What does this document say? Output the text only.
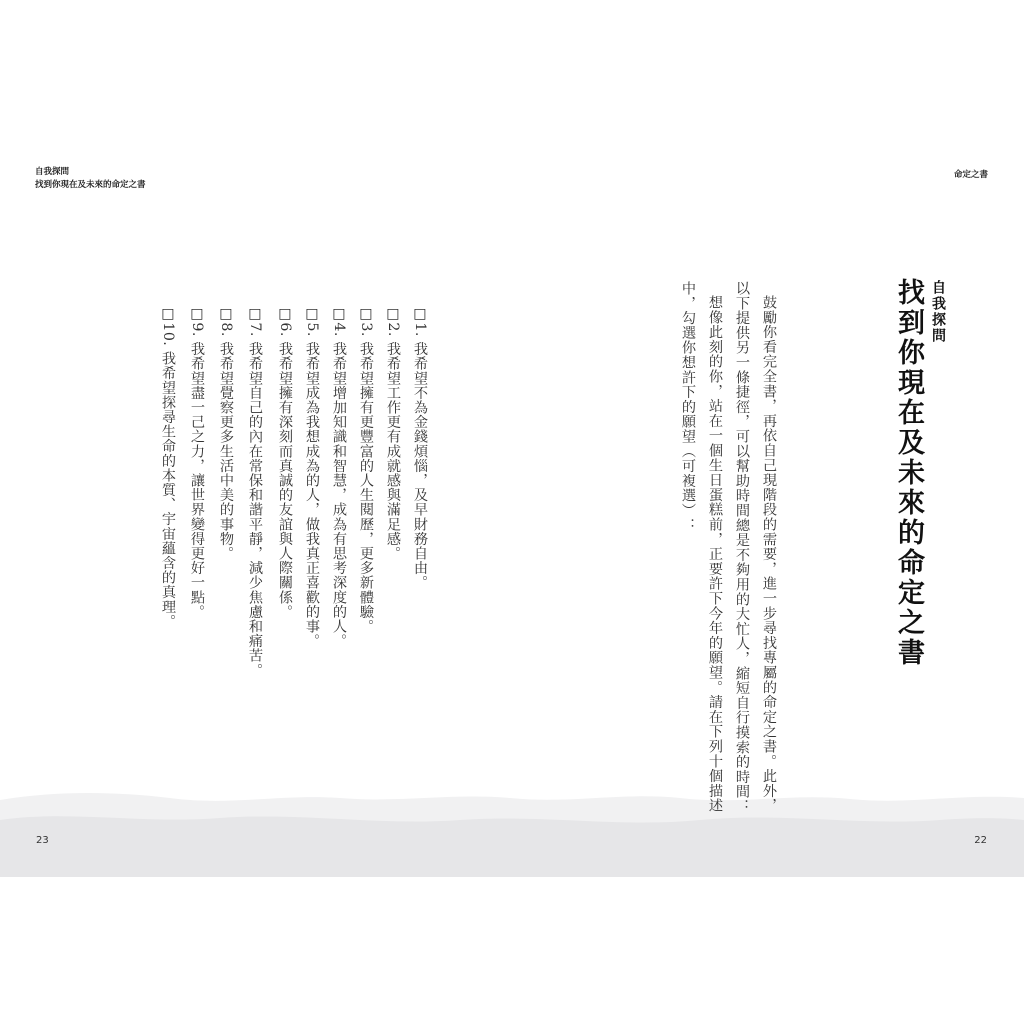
自我探問
找到你現在及未來的命定之書
命定之書
23	22
自我探問
找到你現在及未來的命定之書
鼓勵你看完全書，再依自己現階段的需要，進一步尋找專屬的命定之書。此外，
以下提供另一條捷徑，可以幫助時間總是不夠用的大忙人，縮短自行摸索的時間：
想像此刻的你，站在一個生日蛋糕前，正要許下今年的願望。請在下列十個描述
中，勾選你想許下的願望（可複選）：
□1. 我希望不為金錢煩惱，及早財務自由。
□2. 我希望工作更有成就感與滿足感。
□3. 我希望擁有更豐富的人生閱歷，更多新體驗。
□4. 我希望增加知識和智慧，成為有思考深度的人。
□5. 我希望成為我想成為的人，做我真正喜歡的事。
□6. 我希望擁有深刻而真誠的友誼與人際關係。
□7. 我希望自己的內在常保和諧平靜，減少焦慮和痛苦。
□8. 我希望覺察更多生活中美的事物。
□9. 我希望盡一己之力，讓世界變得更好一點。
□10. 我希望探尋生命的本質、宇宙蘊含的真理。
